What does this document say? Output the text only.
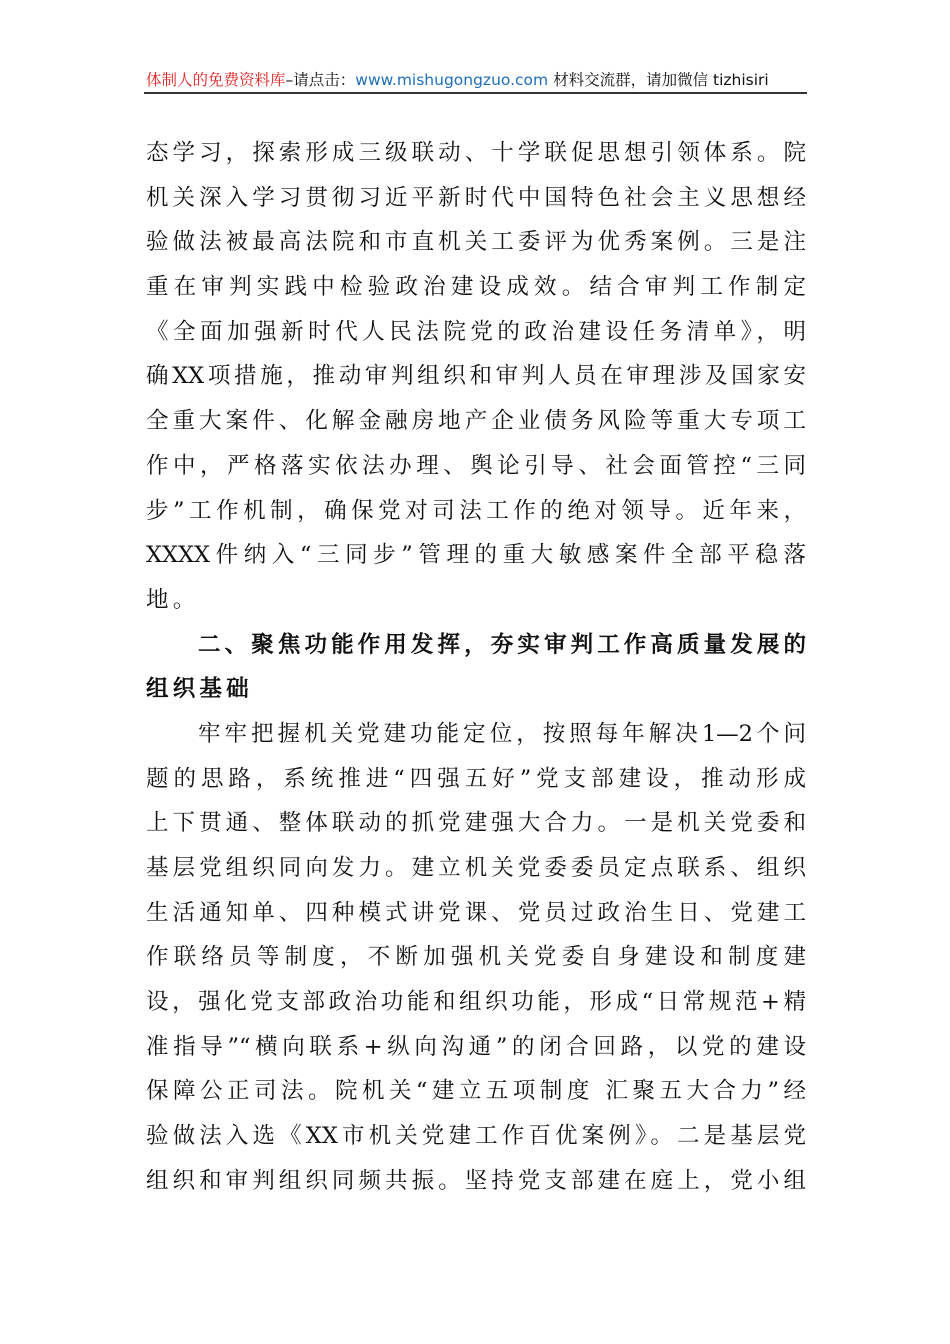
体制人的免费资料库–请点击：www.mishugongzuo.com 材料交流群，请加微信 tizhisiri
态学习，探索形成三级联动、十学联促思想引领体系。院
机关深入学习贯彻习近平新时代中国特色社会主义思想经
验做法被最高法院和市直机关工委评为优秀案例。三是注
重在审判实践中检验政治建设成效。结合审判工作制定
《全面加强新时代人民法院党的政治建设任务清单》，明
确XX项措施，推动审判组织和审判人员在审理涉及国家安
全重大案件、化解金融房地产企业债务风险等重大专项工
作中，严格落实依法办理、舆论引导、社会面管控“三同
步”工作机制，确保党对司法工作的绝对领导。近年来，
XXXX件纳入“三同步”管理的重大敏感案件全部平稳落
地。
二、聚焦功能作用发挥，夯实审判工作高质量发展的
组织基础
牢牢把握机关党建功能定位，按照每年解决1—2个问
题的思路，系统推进“四强五好”党支部建设，推动形成
上下贯通、整体联动的抓党建强大合力。一是机关党委和
基层党组织同向发力。建立机关党委委员定点联系、组织
生活通知单、四种模式讲党课、党员过政治生日、党建工
作联络员等制度，不断加强机关党委自身建设和制度建
设，强化党支部政治功能和组织功能，形成“日常规范+精
准指导”“横向联系+纵向沟通”的闭合回路，以党的建设
保障公正司法。院机关“建立五项制度 汇聚五大合力”经
验做法入选《XX市机关党建工作百优案例》。二是基层党
组织和审判组织同频共振。坚持党支部建在庭上，党小组
